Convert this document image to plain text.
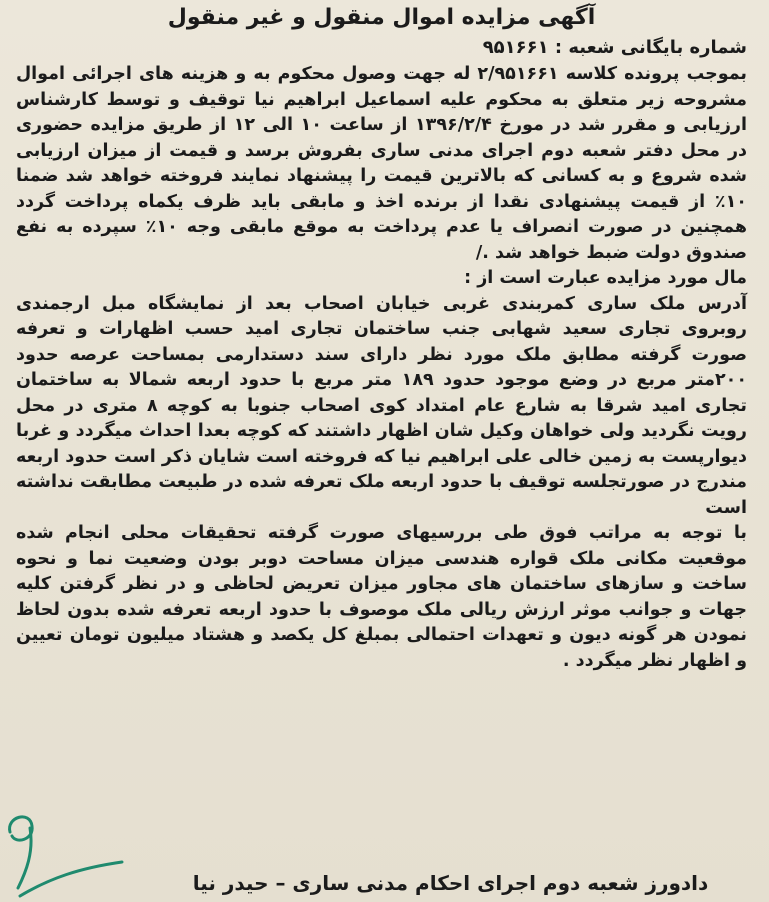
آگهی مزایده اموال منقول و غیر منقول
شماره بایگانی شعبه : ۹۵۱۶۶۱

بموجب پرونده کلاسه ۲/۹۵۱۶۶۱ له جهت وصول محکوم به و هزینه های اجرائی اموال مشروحه زیر متعلق به محکوم علیه اسماعیل ابراهیم نیا توقیف و توسط کارشناس ارزیابی و مقرر شد در مورخ ۱۳۹۶/۲/۴ از ساعت ۱۰ الی ۱۲ از طریق مزایده حضوری در محل دفتر شعبه دوم اجرای مدنی ساری بفروش برسد و قیمت از میزان ارزیابی شده شروع و به کسانی که بالاترین قیمت را پیشنهاد نمایند فروخته خواهد شد ضمنا ۱۰٪ از قیمت پیشنهادی نقدا از برنده اخذ و مابقی باید ظرف یکماه پرداخت گردد همچنین در صورت انصراف یا عدم پرداخت به موقع مابقی وجه ۱۰٪ سپرده به نفع صندوق دولت ضبط خواهد شد ./

مال مورد مزایده عبارت است از :

آدرس ملک ساری کمربندی غربی خیابان اصحاب بعد از نمایشگاه مبل ارجمندی روبروی تجاری سعید شهابی جنب ساختمان تجاری امید حسب اظهارات و تعرفه صورت گرفته مطابق ملک مورد نظر دارای سند دستدارمی بمساحت عرصه حدود ۲۰۰متر مربع در وضع موجود حدود ۱۸۹ متر مربع با حدود اربعه شمالا به ساختمان تجاری امید شرقا به شارع عام امتداد کوی اصحاب جنوبا به کوچه ۸ متری در محل رویت نگردید ولی خواهان وکیل شان اظهار داشتند که کوچه بعدا احداث میگردد و غربا دیوارپست به زمین خالی علی ابراهیم نیا که فروخته است شایان ذکر است حدود اربعه مندرج در صورتجلسه توقیف با حدود اربعه ملک تعرفه شده در طبیعت مطابقت نداشته است

با توجه به مراتب فوق طی بررسیهای صورت گرفته تحقیقات محلی انجام شده موقعیت مکانی ملک قواره هندسی میزان مساحت دوبر بودن وضعیت نما و نحوه ساخت و سازهای ساختمان های مجاور میزان تعریض لحاظی و در نظر گرفتن کلیه جهات و جوانب موثر ارزش ریالی ملک موصوف با حدود اربعه تعرفه شده بدون لحاظ نمودن هر گونه دیون و تعهدات احتمالی بمبلغ کل یکصد و هشتاد میلیون تومان تعیین و اظهار نظر میگردد .

دادورز شعبه دوم اجرای احکام مدنی ساری – حیدر نیا
